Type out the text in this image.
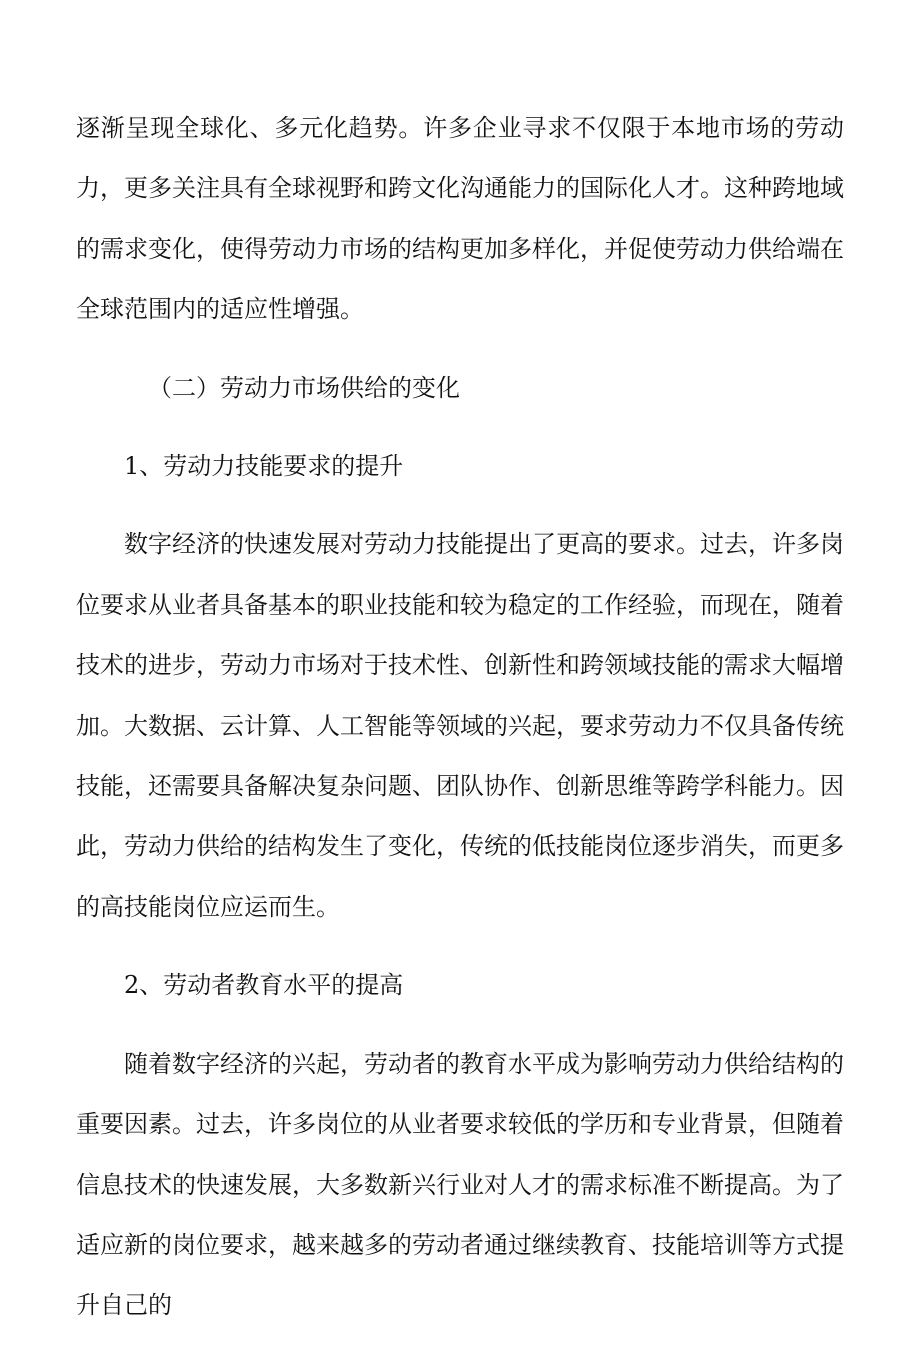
逐渐呈现全球化、多元化趋势。许多企业寻求不仅限于本地市场的劳动力，更多关注具有全球视野和跨文化沟通能力的国际化人才。这种跨地域的需求变化，使得劳动力市场的结构更加多样化，并促使劳动力供给端在全球范围内的适应性增强。

（二）劳动力市场供给的变化
1、劳动力技能要求的提升

数字经济的快速发展对劳动力技能提出了更高的要求。过去，许多岗位要求从业者具备基本的职业技能和较为稳定的工作经验，而现在，随着技术的进步，劳动力市场对于技术性、创新性和跨领域技能的需求大幅增加。大数据、云计算、人工智能等领域的兴起，要求劳动力不仅具备传统技能，还需要具备解决复杂问题、团队协作、创新思维等跨学科能力。因此，劳动力供给的结构发生了变化，传统的低技能岗位逐步消失，而更多的高技能岗位应运而生。

2、劳动者教育水平的提高

随着数字经济的兴起，劳动者的教育水平成为影响劳动力供给结构的重要因素。过去，许多岗位的从业者要求较低的学历和专业背景，但随着信息技术的快速发展，大多数新兴行业对人才的需求标准不断提高。为了适应新的岗位要求，越来越多的劳动者通过继续教育、技能培训等方式提升自己的
